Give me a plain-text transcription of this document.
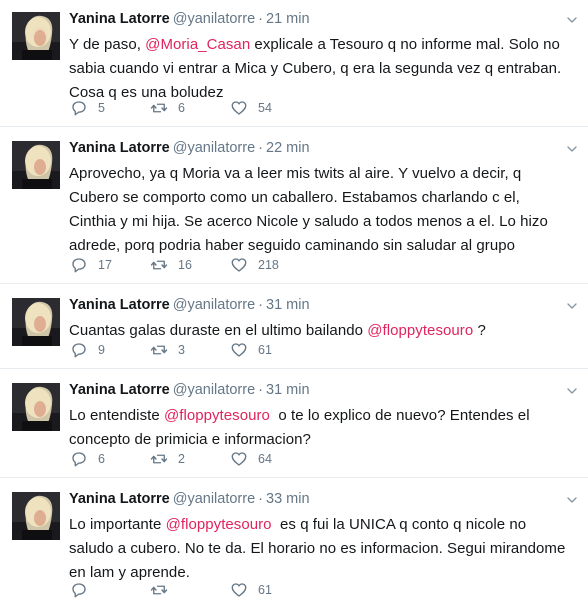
Yanina Latorre @yanilatorre · 21 min
Y de paso, @Moria_Casan explicale a Tesouro q no informe mal. Solo no sabia cuando vi entrar a Mica y Cubero, q era la segunda vez q entraban. Cosa q es una boludez
5	6	54
Yanina Latorre @yanilatorre · 22 min
Aprovecho, ya q Moria va a leer mis twits al aire. Y vuelvo a decir, q Cubero se comporto como un caballero. Estabamos charlando c el, Cinthia y mi hija. Se acerco Nicole y saludo a todos menos a el. Lo hizo adrede, porq podria haber seguido caminando sin saludar al grupo
17	16	218
Yanina Latorre @yanilatorre · 31 min
Cuantas galas duraste en el ultimo bailando @floppytesouro ?
9	3	61
Yanina Latorre @yanilatorre · 31 min
Lo entendiste @floppytesouro  o te lo explico de nuevo? Entendes el concepto de primicia e informacion?
6	2	64
Yanina Latorre @yanilatorre · 33 min
Lo importante @floppytesouro  es q fui la UNICA q conto q nicole no saludo a cubero. No te da. El horario no es informacion. Segui mirandome en lam y aprende.
61
